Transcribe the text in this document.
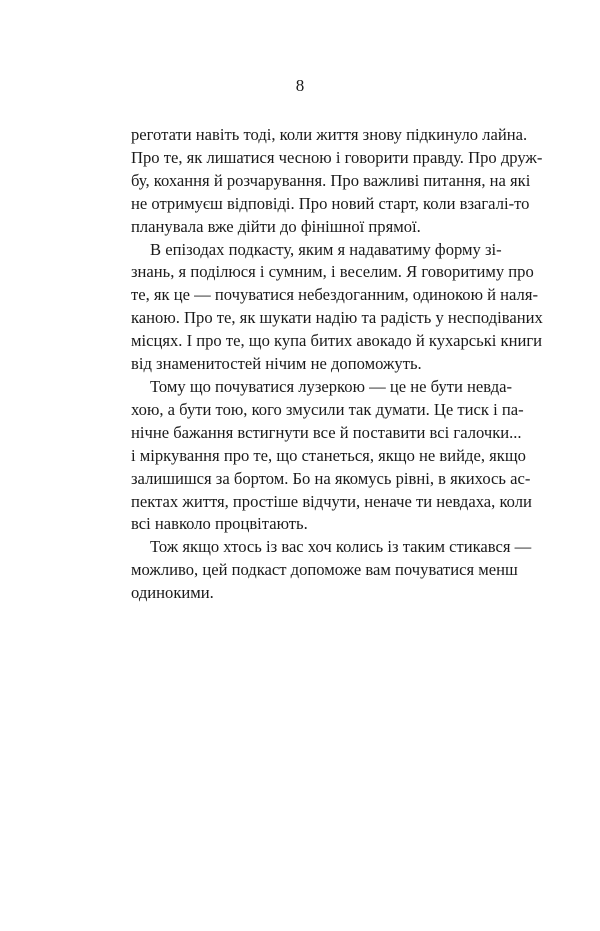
8
реготати навіть тоді, коли життя знову підкинуло лайна.
Про те, як лишатися чесною і говорити правду. Про друж-
бу, кохання й розчарування. Про важливі питання, на які
не отримуєш відповіді. Про новий старт, коли взагалі-то
планувала вже дійти до фінішної прямої.
В епізодах подкасту, яким я надаватиму форму зі-
знань, я поділюся і сумним, і веселим. Я говоритиму про
те, як це — почуватися небездоганним, одинокою й наля-
каною. Про те, як шукати надію та радість у несподіваних
місцях. І про те, що купа битих авокадо й кухарські книги
від знаменитостей нічим не допоможуть.
Тому що почуватися лузеркою — це не бути невда-
хою, а бути тою, кого змусили так думати. Це тиск і па-
нічне бажання встигнути все й поставити всі галочки...
і міркування про те, що станеться, якщо не вийде, якщо
залишишся за бортом. Бо на якомусь рівні, в якихось ас-
пектах життя, простіше відчути, неначе ти невдаха, коли
всі навколо процвітають.
Тож якщо хтось із вас хоч колись із таким стикався —
можливо, цей подкаст допоможе вам почуватися менш
одинокими.
